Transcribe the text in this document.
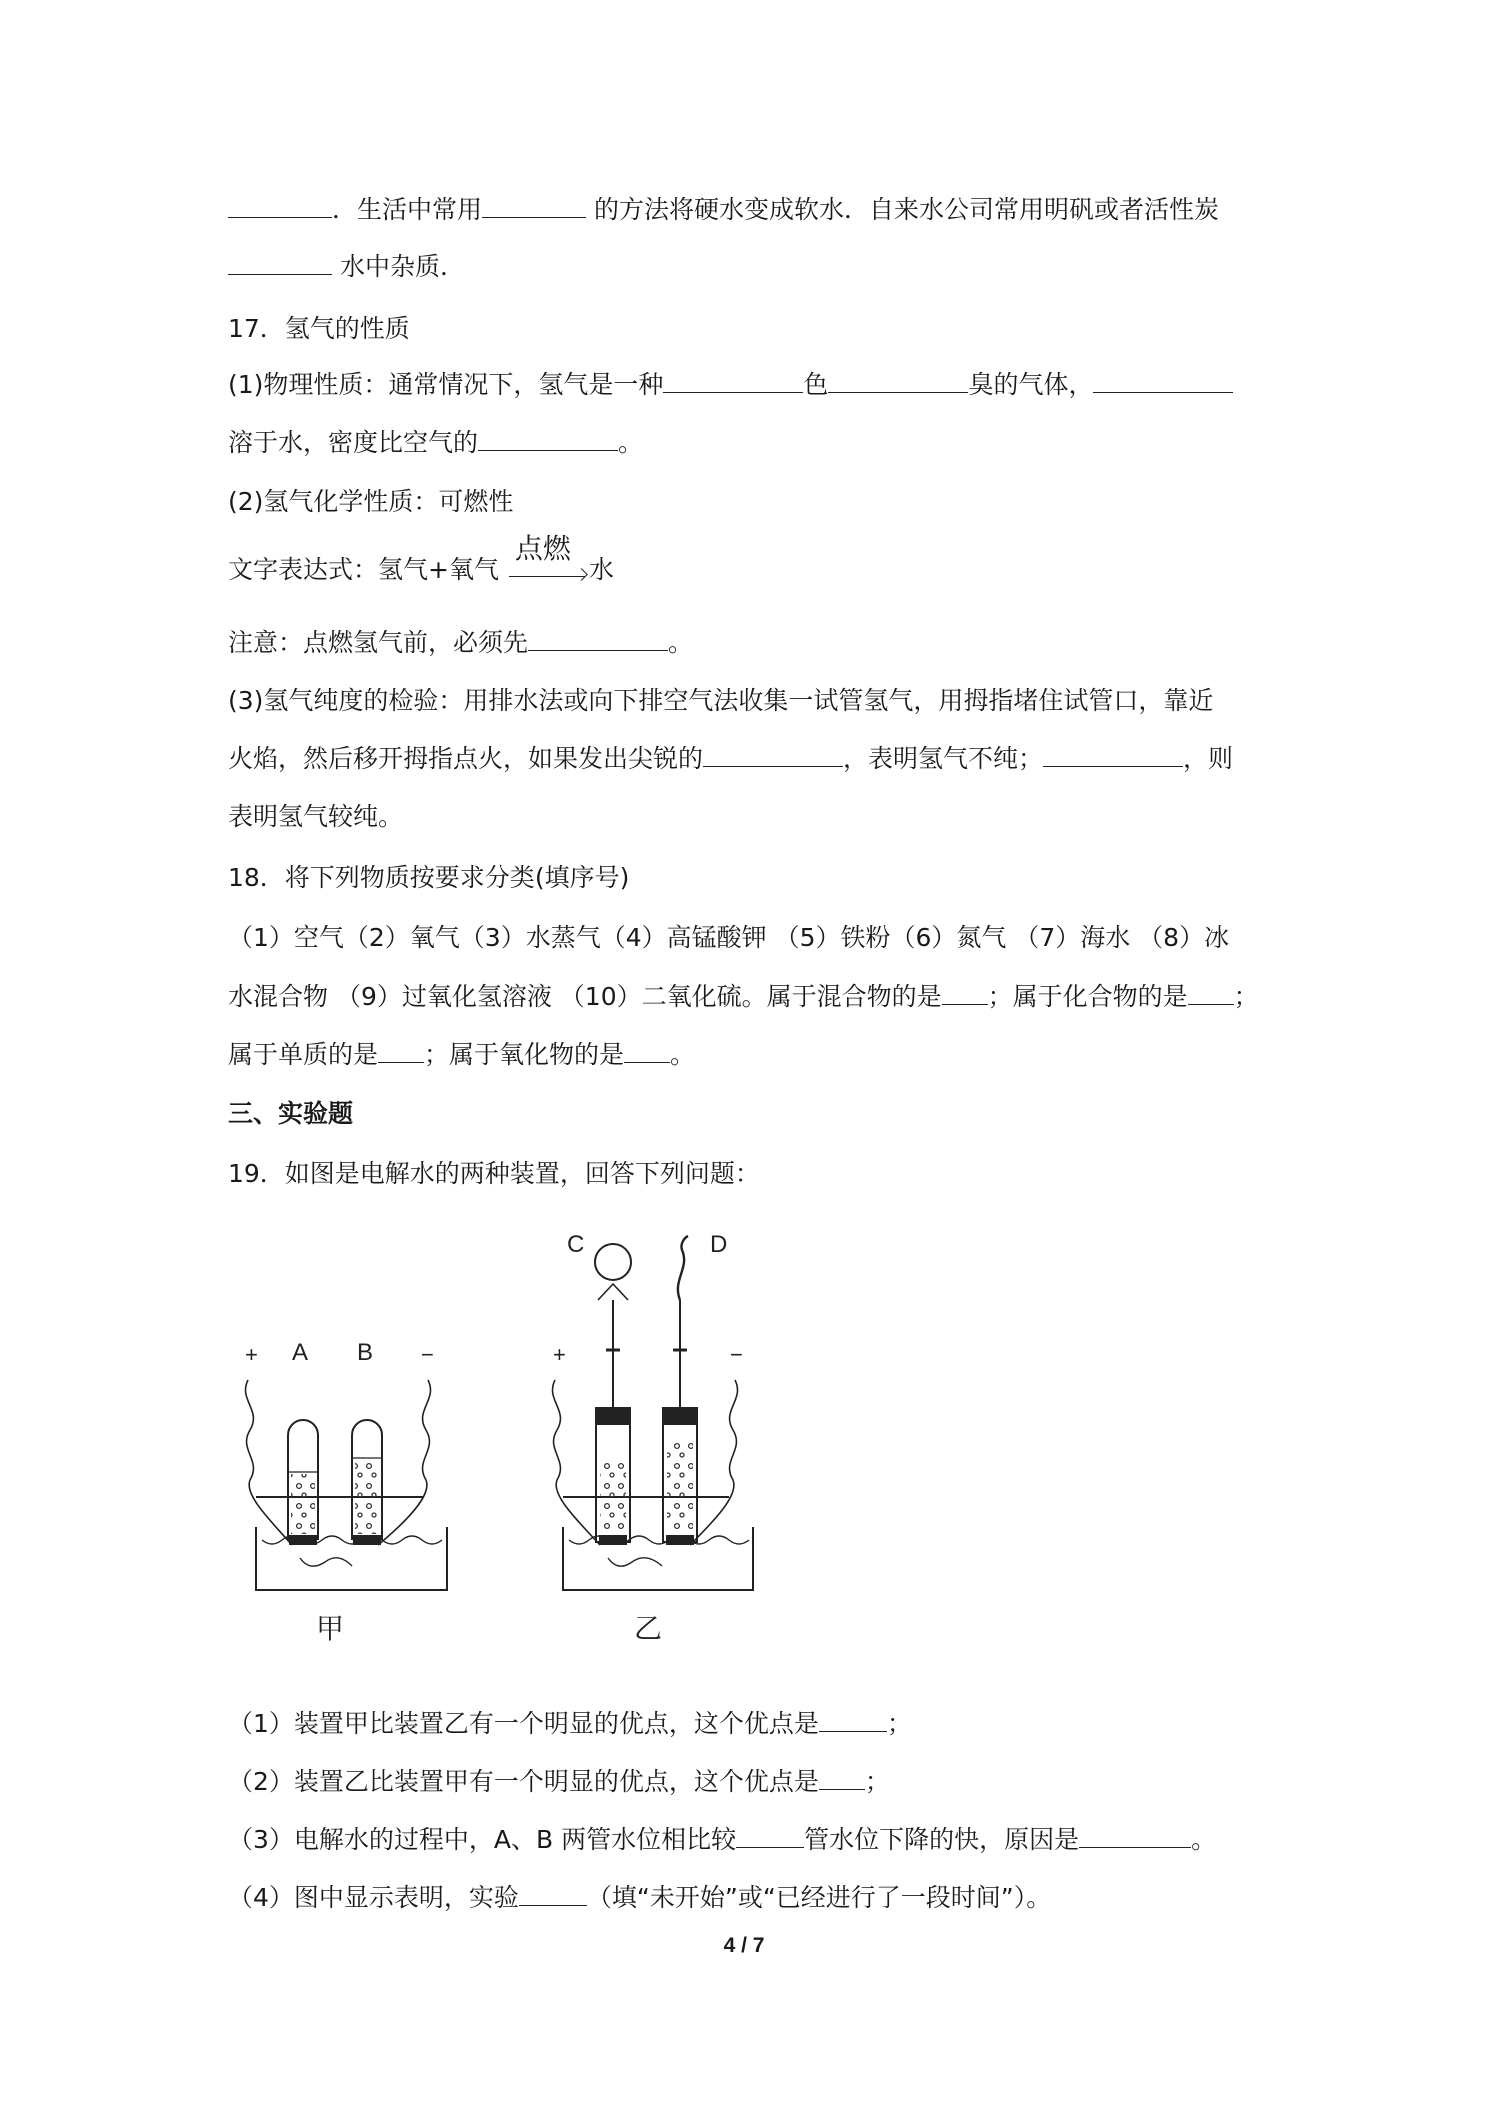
．生活中常用	的方法将硬水变成软水．自来水公司常用明矾或者活性炭
水中杂质．
17．氢气的性质
(1)物理性质：通常情况下，氢气是一种	色	臭的气体，
溶于水，密度比空气的	。
(2)氢气化学性质：可燃性
文字表达式：氢气+氧气
点燃
水
注意：点燃氢气前，必须先	。
(3)氢气纯度的检验：用排水法或向下排空气法收集一试管氢气，用拇指堵住试管口，靠近
火焰，然后移开拇指点火，如果发出尖锐的	，表明氢气不纯；	，则
表明氢气较纯。
18．将下列物质按要求分类(填序号)
（1）空气（2）氧气（3）水蒸气（4）高锰酸钾 （5）铁粉（6）氮气 （7）海水 （8）冰
水混合物 （9）过氧化氢溶液 （10）二氧化硫。属于混合物的是 ；属于化合物的是 ；
属于单质的是 ；属于氧化物的是 。
三、实验题
19．如图是电解水的两种装置，回答下列问题：
+	−
A B
甲
+	−
C	D
乙
（1）装置甲比装置乙有一个明显的优点，这个优点是	；
（2）装置乙比装置甲有一个明显的优点，这个优点是 ；
（3）电解水的过程中，A、B 两管水位相比较	管水位下降的快，原因是	。
（4）图中显示表明，实验	（填“未开始”或“已经进行了一段时间”）。
4 / 7
